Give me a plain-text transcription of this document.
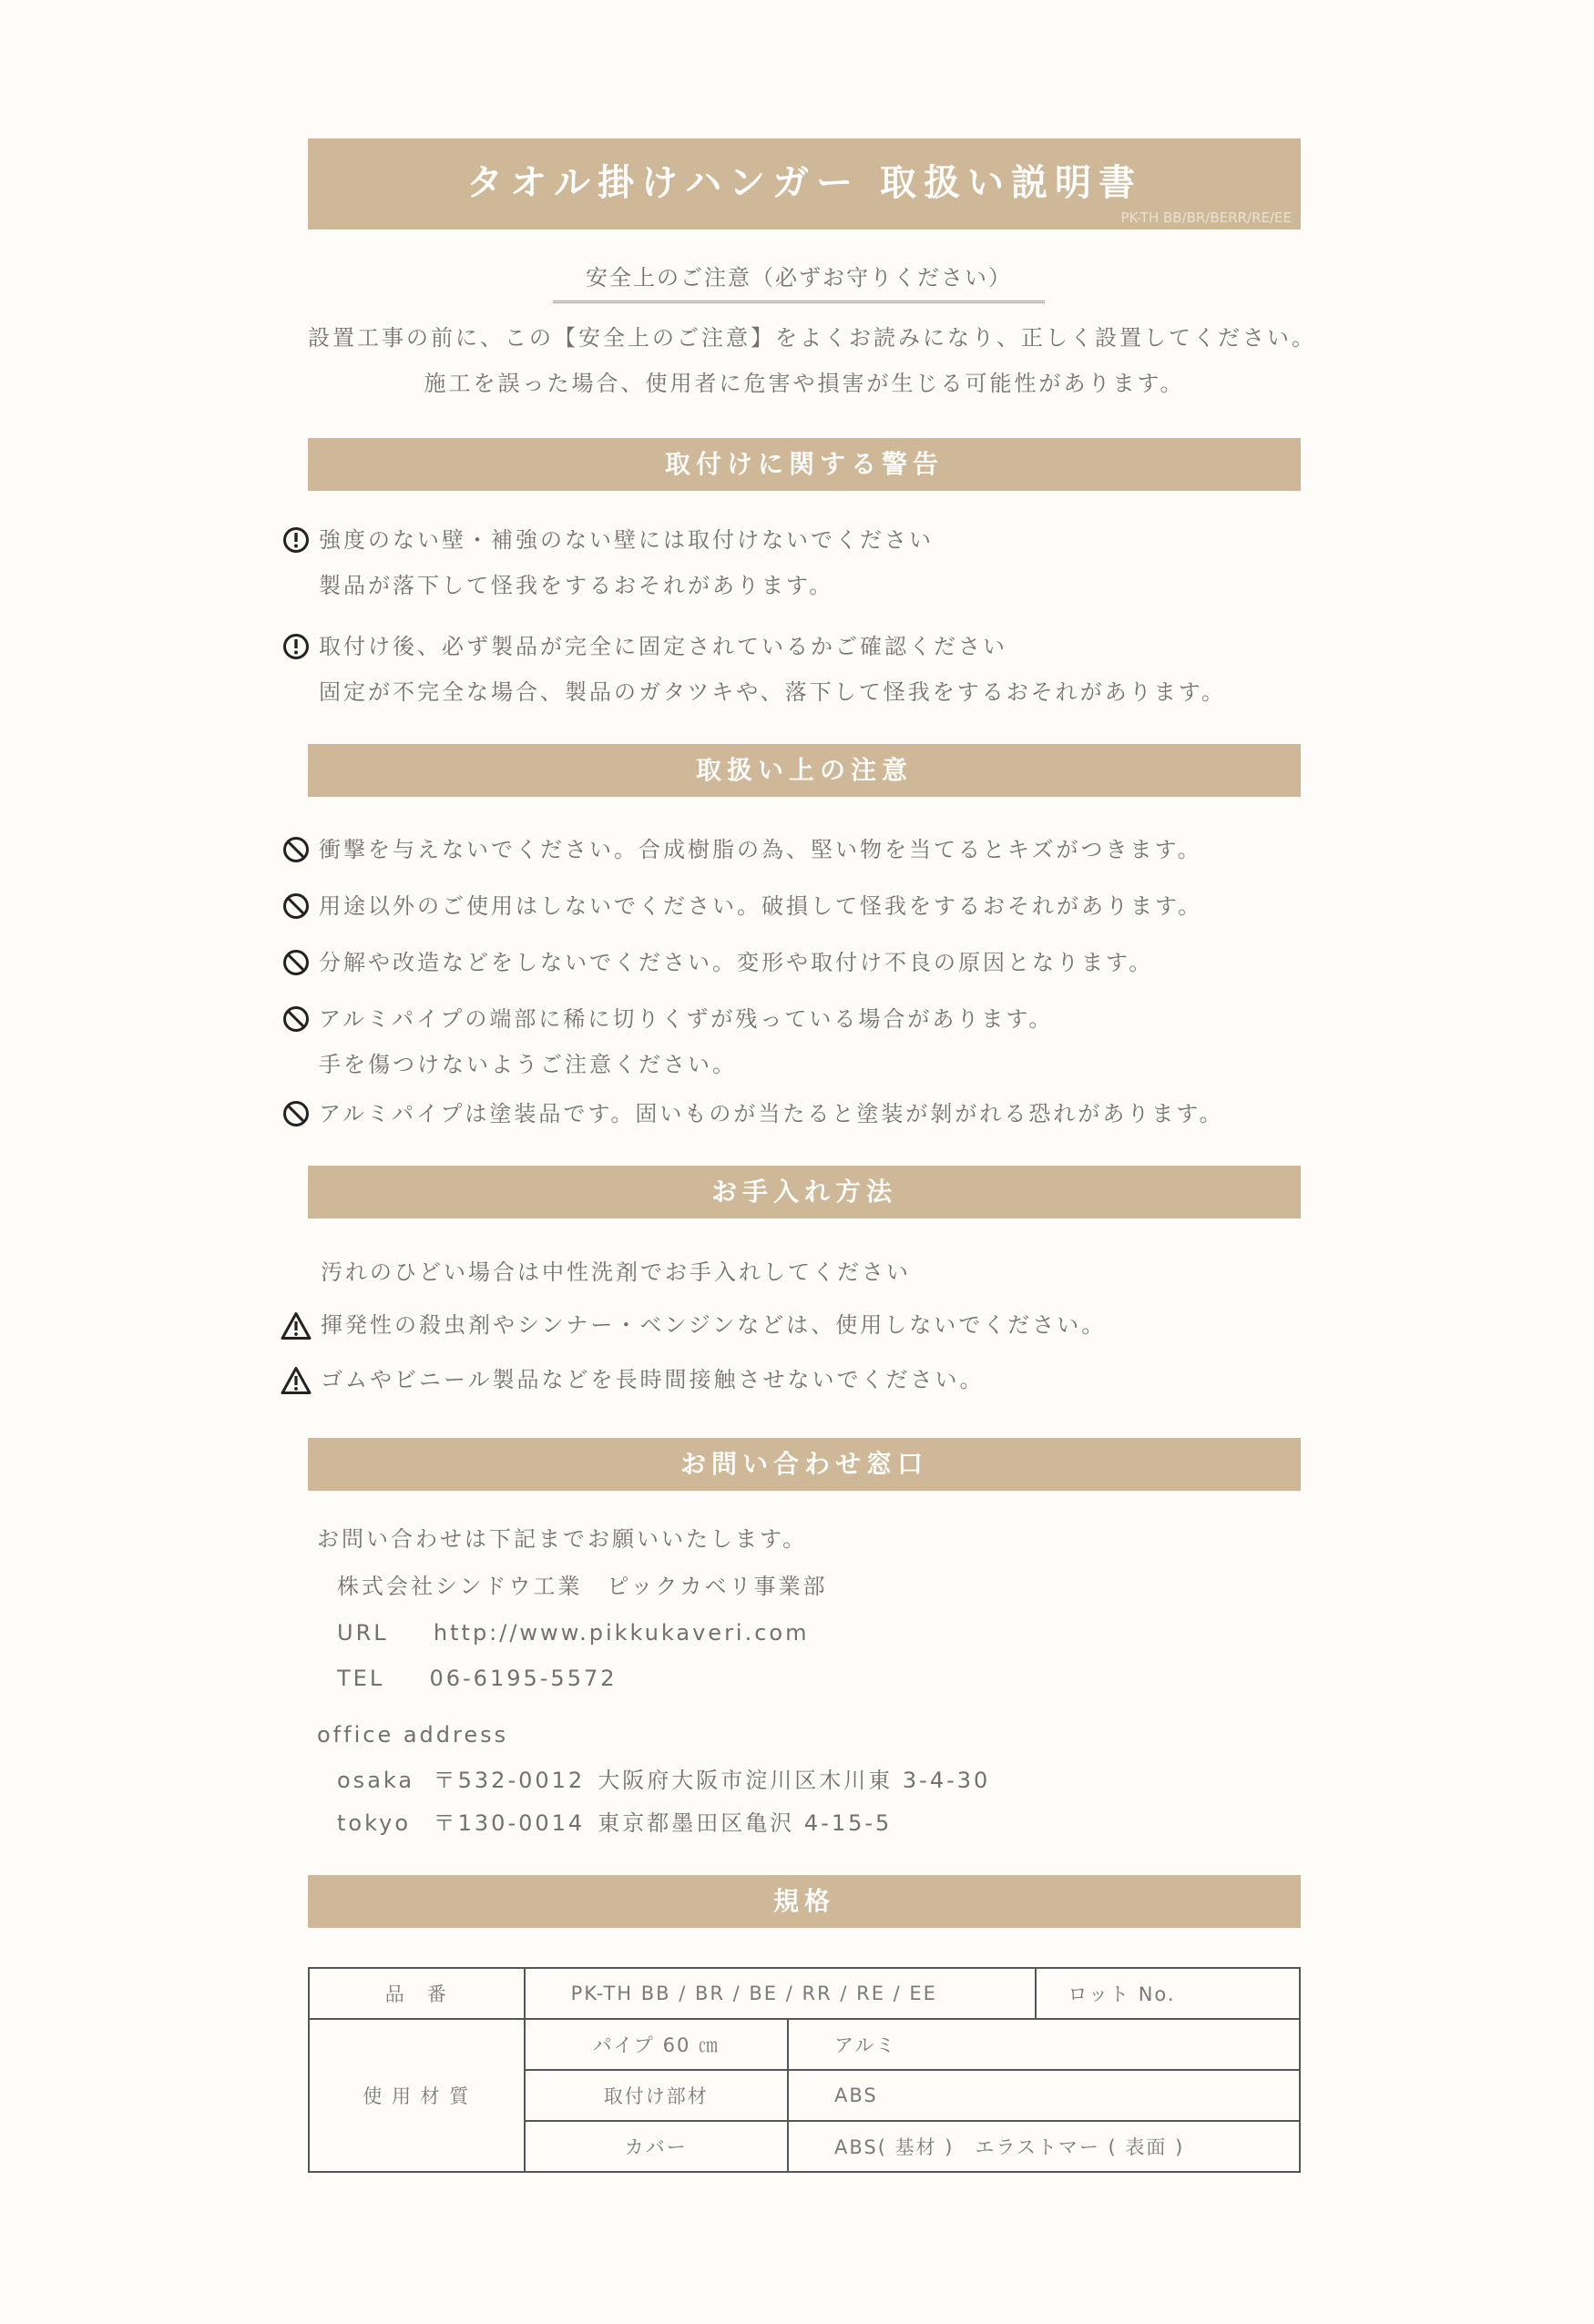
タオル掛けハンガー 取扱い説明書
PK-TH BB/BR/BERR/RE/EE
安全上のご注意（必ずお守りください）
設置工事の前に、この【安全上のご注意】をよくお読みになり、正しく設置してください。
施工を誤った場合、使用者に危害や損害が生じる可能性があります。
取付けに関する警告
強度のない壁・補強のない壁には取付けないでください
製品が落下して怪我をするおそれがあります。
取付け後、必ず製品が完全に固定されているかご確認ください
固定が不完全な場合、製品のガタツキや、落下して怪我をするおそれがあります。
取扱い上の注意
衝撃を与えないでください。合成樹脂の為、堅い物を当てるとキズがつきます。
用途以外のご使用はしないでください。破損して怪我をするおそれがあります。
分解や改造などをしないでください。変形や取付け不良の原因となります。
アルミパイプの端部に稀に切りくずが残っている場合があります。
手を傷つけないようご注意ください。
アルミパイプは塗装品です。固いものが当たると塗装が剝がれる恐れがあります。
お手入れ方法
汚れのひどい場合は中性洗剤でお手入れしてください
揮発性の殺虫剤やシンナー・ベンジンなどは、使用しないでください。
ゴムやビニール製品などを長時間接触させないでください。
お問い合わせ窓口
お問い合わせは下記までお願いいたします。
株式会社シンドウ工業　ピックカベリ事業部
URL http://www.pikkukaveri.com
TEL 06-6195-5572
office address
osaka 〒532-0012 大阪府大阪市淀川区木川東 3-4-30
tokyo 〒130-0014 東京都墨田区亀沢 4-15-5
規格
品　番	PK-TH BB / BR / BE / RR / RE / EE		ロット No.
使 用 材 質	パイプ 60 ㎝	アルミ	
	取付け部材	ABS	
	カバー	ABS( 基材 )　エラストマー ( 表面 )	
